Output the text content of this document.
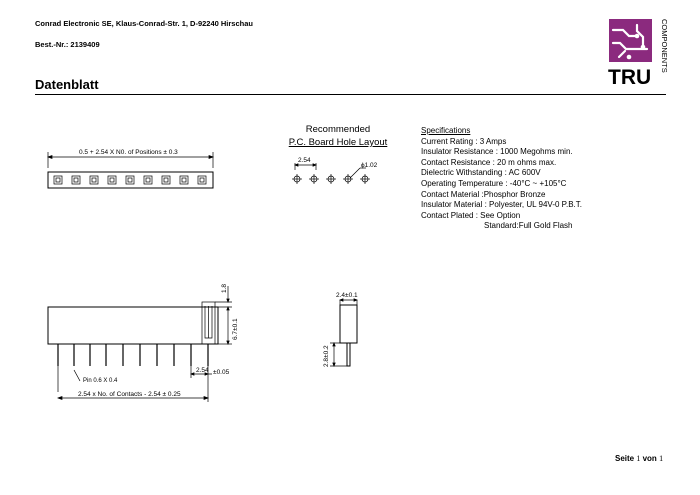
Conrad Electronic SE, Klaus-Conrad-Str. 1, D-92240 Hirschau
Best.-Nr.: 2139409
Datenblatt	TRU
COMPONENTS
0.5 + 2.54 X N0. of Positions ± 0.3
2.54
ϕ1.02
1.8
6.7±0.1
2.54 ±0.05
Pin 0.6 X 0.4
2.54 x No. of Contacts - 2.54 ± 0.25
2.4±0.1
2.8±0.2
Recommended
P.C. Board Hole Layout
Specifications
Current Rating : 3 Amps
Insulator Resistance : 1000 Megohms min.
Contact Resistance : 20 m ohms max.
Dielectric Withstanding : AC 600V
Operating Temperature : -40°C ~ +105°C
Contact Material :Phosphor Bronze
Insulator Material : Polyester, UL 94V-0 P.B.T.
Contact Plated : See Option
Standard:Full Gold Flash
Seite 1 von 1
